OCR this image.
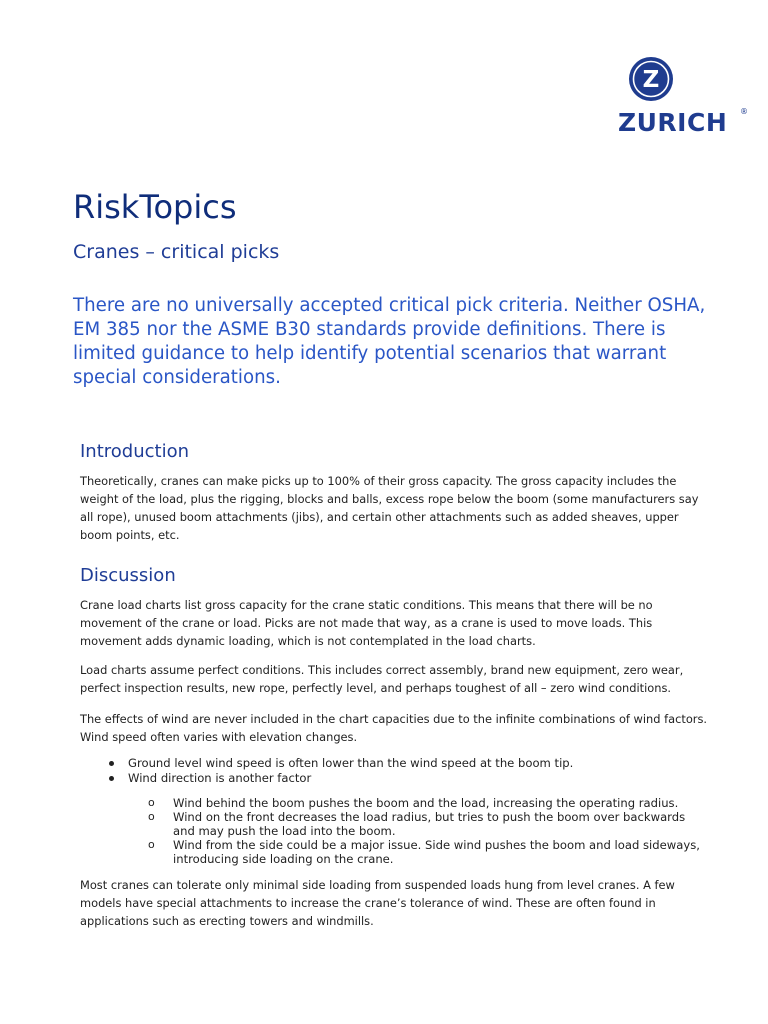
Z
ZURICH ®
RiskTopics
Cranes – critical picks

There are no universally accepted critical pick criteria. Neither OSHA, EM 385 nor the ASME B30 standards provide definitions. There is limited guidance to help identify potential scenarios that warrant special considerations.

Introduction

Theoretically, cranes can make picks up to 100% of their gross capacity. The gross capacity includes the weight of the load, plus the rigging, blocks and balls, excess rope below the boom (some manufacturers say all rope), unused boom attachments (jibs), and certain other attachments such as added sheaves, upper boom points, etc.

Discussion

Crane load charts list gross capacity for the crane static conditions. This means that there will be no movement of the crane or load. Picks are not made that way, as a crane is used to move loads. This movement adds dynamic loading, which is not contemplated in the load charts.

Load charts assume perfect conditions. This includes correct assembly, brand new equipment, zero wear, perfect inspection results, new rope, perfectly level, and perhaps toughest of all – zero wind conditions.

The effects of wind are never included in the chart capacities due to the infinite combinations of wind factors. Wind speed often varies with elevation changes.

Ground level wind speed is often lower than the wind speed at the boom tip.
Wind direction is another factor
o Wind behind the boom pushes the boom and the load, increasing the operating radius.
o Wind on the front decreases the load radius, but tries to push the boom over backwards and may push the load into the boom.
o Wind from the side could be a major issue. Side wind pushes the boom and load sideways, introducing side loading on the crane.

Most cranes can tolerate only minimal side loading from suspended loads hung from level cranes. A few models have special attachments to increase the crane’s tolerance of wind. These are often found in applications such as erecting towers and windmills.
